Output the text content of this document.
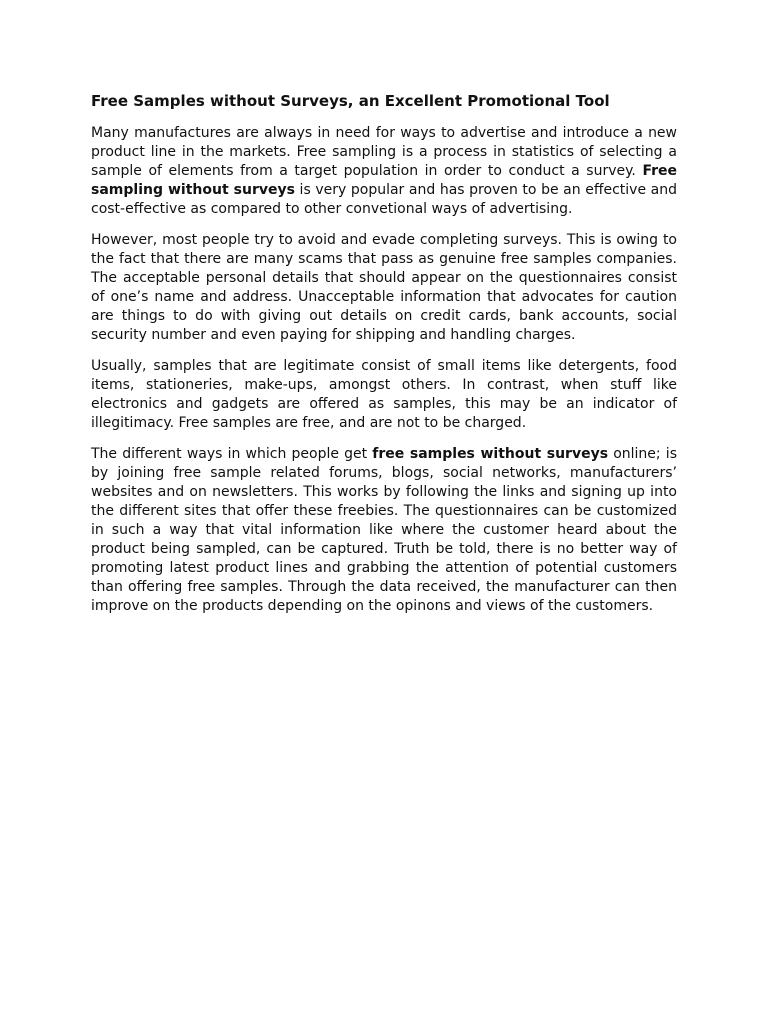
Free Samples without Surveys, an Excellent Promotional Tool

Many manufactures are always in need for ways to advertise and introduce a new product line in the markets. Free sampling is a process in statistics of selecting a sample of elements from a target population in order to conduct a survey. Free sampling without surveys is very popular and has proven to be an effective and cost-effective as compared to other convetional ways of advertising.

However, most people try to avoid and evade completing surveys. This is owing to the fact that there are many scams that pass as genuine free samples companies. The acceptable personal details that should appear on the questionnaires consist of one’s name and address. Unacceptable information that advocates for caution are things to do with giving out details on credit cards, bank accounts, social security number and even paying for shipping and handling charges.

Usually, samples that are legitimate consist of small items like detergents, food items, stationeries, make-ups, amongst others. In contrast, when stuff like electronics and gadgets are offered as samples, this may be an indicator of illegitimacy. Free samples are free, and are not to be charged.

The different ways in which people get free samples without surveys online; is by joining free sample related forums, blogs, social networks, manufacturers’ websites and on newsletters. This works by following the links and signing up into the different sites that offer these freebies. The questionnaires can be customized in such a way that vital information like where the customer heard about the product being sampled, can be captured. Truth be told, there is no better way of promoting latest product lines and grabbing the attention of potential customers than offering free samples. Through the data received, the manufacturer can then improve on the products depending on the opinons and views of the customers.
